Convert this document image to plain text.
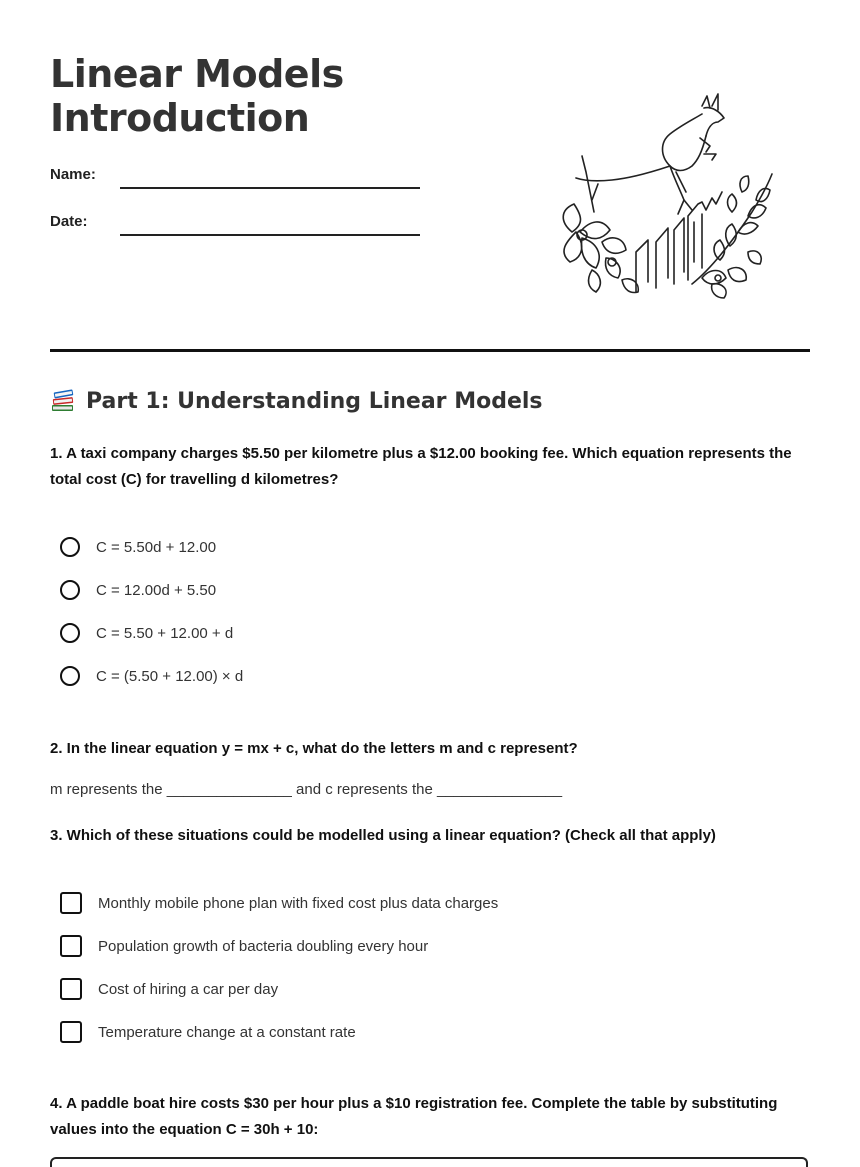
Linear Models
Introduction
Name:
Date:
Part 1: Understanding Linear Models

1. A taxi company charges $5.50 per kilometre plus a $12.00 booking fee. Which equation represents the total cost (C) for travelling d kilometres?

C = 5.50d + 12.00
C = 12.00d + 5.50
C = 5.50 + 12.00 + d
C = (5.50 + 12.00) × d

2. In the linear equation y = mx + c, what do the letters m and c represent?

m represents the _______________ and c represents the _______________

3. Which of these situations could be modelled using a linear equation? (Check all that apply)

Monthly mobile phone plan with fixed cost plus data charges
Population growth of bacteria doubling every hour
Cost of hiring a car per day
Temperature change at a constant rate

4. A paddle boat hire costs $30 per hour plus a $10 registration fee. Complete the table by substituting values into the equation C = 30h + 10:
